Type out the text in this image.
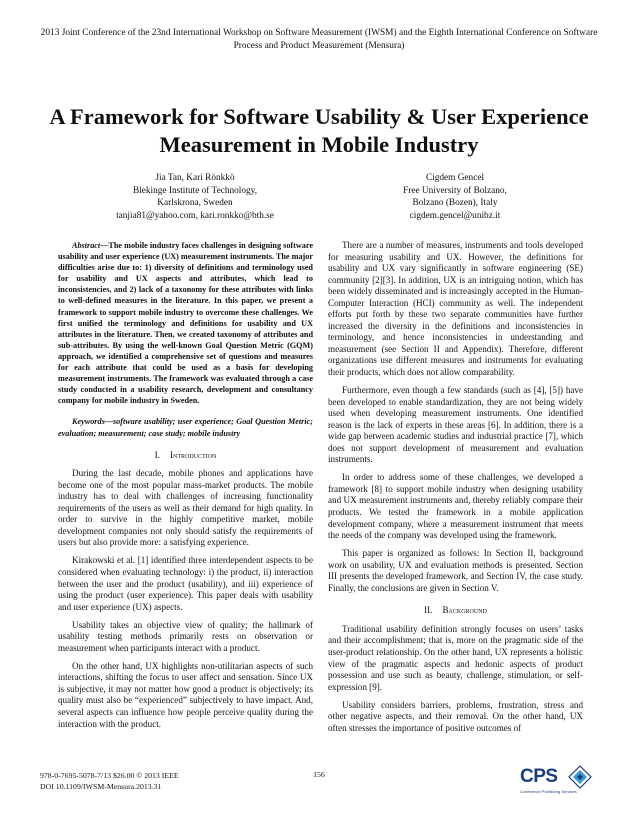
2013 Joint Conference of the 23nd International Workshop on Software Measurement (IWSM) and the Eighth International Conference on Software Process and Product Measurement (Mensura)
A Framework for Software Usability & User Experience Measurement in Mobile Industry
Jia Tan, Kari Rönkkö
Blekinge Institute of Technology,
Karlskrona, Sweden
tanjia81@yahoo.com, kari.ronkko@bth.se
Cigdem Gencel
Free University of Bolzano,
Bolzano (Bozen), Italy
cigdem.gencel@unibz.it

Abstract—The mobile industry faces challenges in designing software usability and user experience (UX) measurement instruments. The major difficulties arise due to: 1) diversity of definitions and terminology used for usability and UX aspects and attributes, which lead to inconsistencies, and 2) lack of a taxonomy for these attributes with links to well-defined measures in the literature. In this paper, we present a framework to support mobile industry to overcome these challenges. We first unified the terminology and definitions for usability and UX attributes in the literature. Then, we created taxonomy of attributes and sub-attributes. By using the well-known Goal Question Metric (GQM) approach, we identified a comprehensive set of questions and measures for each attribute that could be used as a basis for developing measurement instruments. The framework was evaluated through a case study conducted in a usability research, development and consultancy company for mobile industry in Sweden.

Keywords—software usability; user experience; Goal Question Metric; evaluation; measurement; case study; mobile industry

I. Introduction

During the last decade, mobile phones and applications have become one of the most popular mass-market products. The mobile industry has to deal with challenges of increasing functionality requirements of the users as well as their demand for high quality. In order to survive in the highly competitive market, mobile development companies not only should satisfy the requirements of users but also provide more: a satisfying experience.

Kirakowski et al. [1] identified three interdependent aspects to be considered when evaluating technology: i) the product, ii) interaction between the user and the product (usability), and iii) experience of using the product (user experience). This paper deals with usability and user experience (UX) aspects.

Usability takes an objective view of quality; the hallmark of usability testing methods primarily rests on observation or measurement when participants interact with a product.

On the other hand, UX highlights non-utilitarian aspects of such interactions, shifting the focus to user affect and sensation. Since UX is subjective, it may not matter how good a product is objectively; its quality must also be “experienced” subjectively to have impact. And, several aspects can influence how people perceive quality during the interaction with the product.

There are a number of measures, instruments and tools developed for measuring usability and UX. However, the definitions for usability and UX vary significantly in software engineering (SE) community [2][3]. In addition, UX is an intriguing notion, which has been widely disseminated and is increasingly accepted in the Human-Computer Interaction (HCI) community as well. The independent efforts put forth by these two separate communities have further increased the diversity in the definitions and inconsistencies in terminology, and hence inconsistencies in understanding and measurement (see Section II and Appendix). Therefore, different organizations use different measures and instruments for evaluating their products, which does not allow comparability.

Furthermore, even though a few standards (such as [4], [5]) have been developed to enable standardization, they are not being widely used when developing measurement instruments. One identified reason is the lack of experts in these areas [6]. In addition, there is a wide gap between academic studies and industrial practice [7], which does not support development of measurement and evaluation instruments.

In order to address some of these challenges, we developed a framework [8] to support mobile industry when designing usability and UX measurement instruments and, thereby reliably compare their products. We tested the framework in a mobile application development company, where a measurement instrument that meets the needs of the company was developed using the framework.

This paper is organized as follows: In Section II, background work on usability, UX and evaluation methods is presented. Section III presents the developed framework, and Section IV, the case study. Finally, the conclusions are given in Section V.

II. Background

Traditional usability definition strongly focuses on users’ tasks and their accomplishment; that is, more on the pragmatic side of the user-product relationship. On the other hand, UX represents a holistic view of the pragmatic aspects and hedonic aspects of product possession and use such as beauty, challenge, stimulation, or self-expression [9].

Usability considers barriers, problems, frustration, stress and other negative aspects, and their removal. On the other hand, UX often stresses the importance of positive outcomes of

978-0-7695-5078-7/13 $26.00 © 2013 IEEE
DOI 10.1109/IWSM-Mensura.2013.31
156	CPS
Conference Publishing Services
